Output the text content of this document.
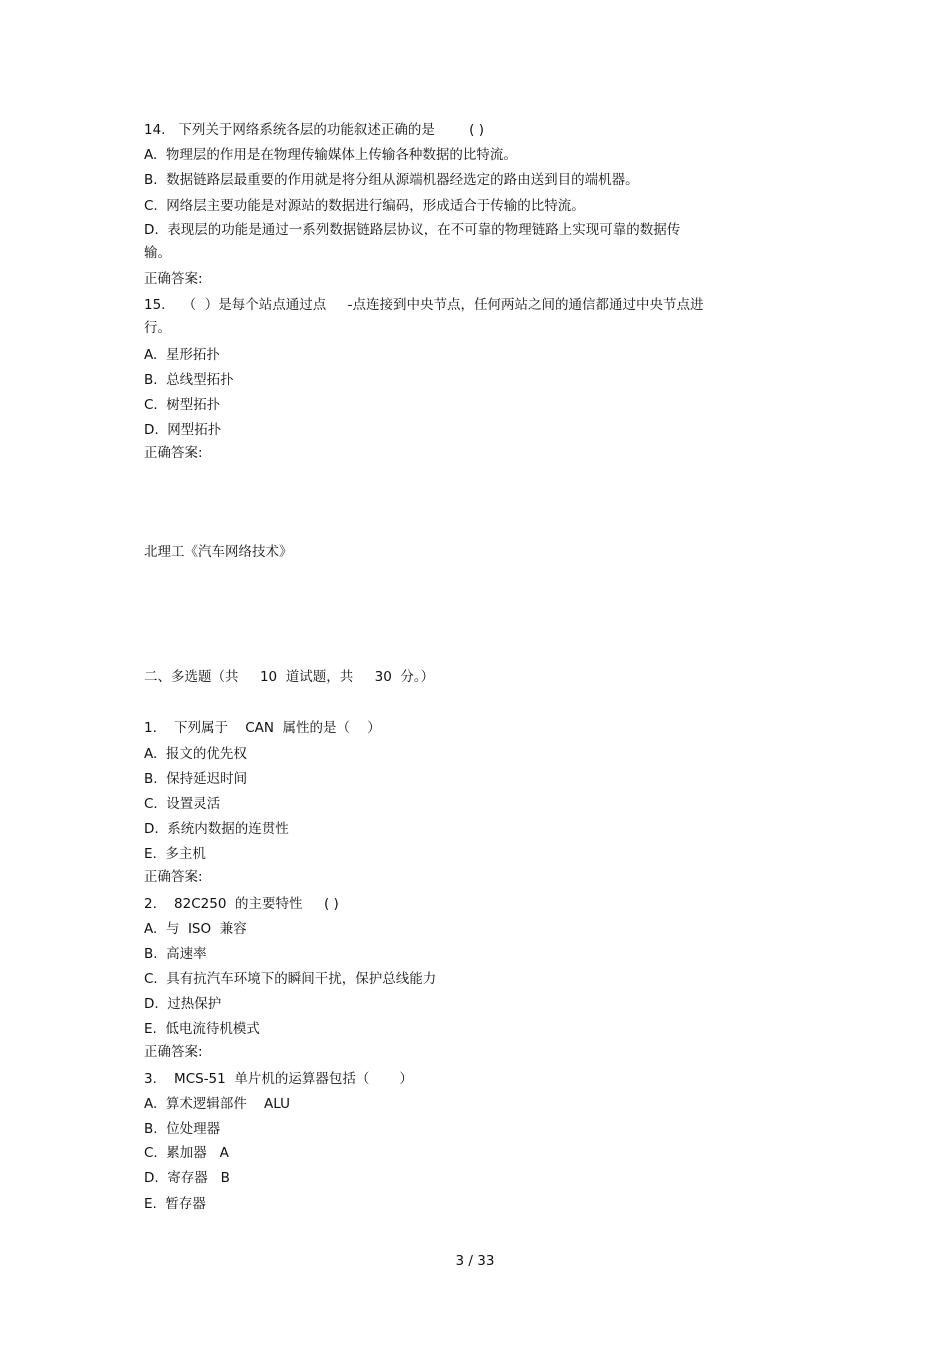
14.   下列关于网络系统各层的功能叙述正确的是        ( )
A.  物理层的作用是在物理传输媒体上传输各种数据的比特流。
B.  数据链路层最重要的作用就是将分组从源端机器经选定的路由送到目的端机器。
C.  网络层主要功能是对源站的数据进行编码，形成适合于传输的比特流。
D.  表现层的功能是通过一系列数据链路层协议，在不可靠的物理链路上实现可靠的数据传
输。
正确答案:
15.    （  ）是每个站点通过点     -点连接到中央节点，任何两站之间的通信都通过中央节点进
行。
A.  星形拓扑
B.  总线型拓扑
C.  树型拓扑
D.  网型拓扑
正确答案:
北理工《汽车网络技术》
二、多选题（共     10  道试题，共     30  分。）
1.    下列属于    CAN  属性的是（    ）
A.  报文的优先权
B.  保持延迟时间
C.  设置灵活
D.  系统内数据的连贯性
E.  多主机
正确答案:
2.    82C250  的主要特性     ( )
A.  与  ISO  兼容
B.  高速率
C.  具有抗汽车环境下的瞬间干扰，保护总线能力
D.  过热保护
E.  低电流待机模式
正确答案:
3.    MCS-51  单片机的运算器包括（       ）
A.  算术逻辑部件    ALU
B.  位处理器
C.  累加器   A
D.  寄存器   B
E.  暂存器
3 / 33
